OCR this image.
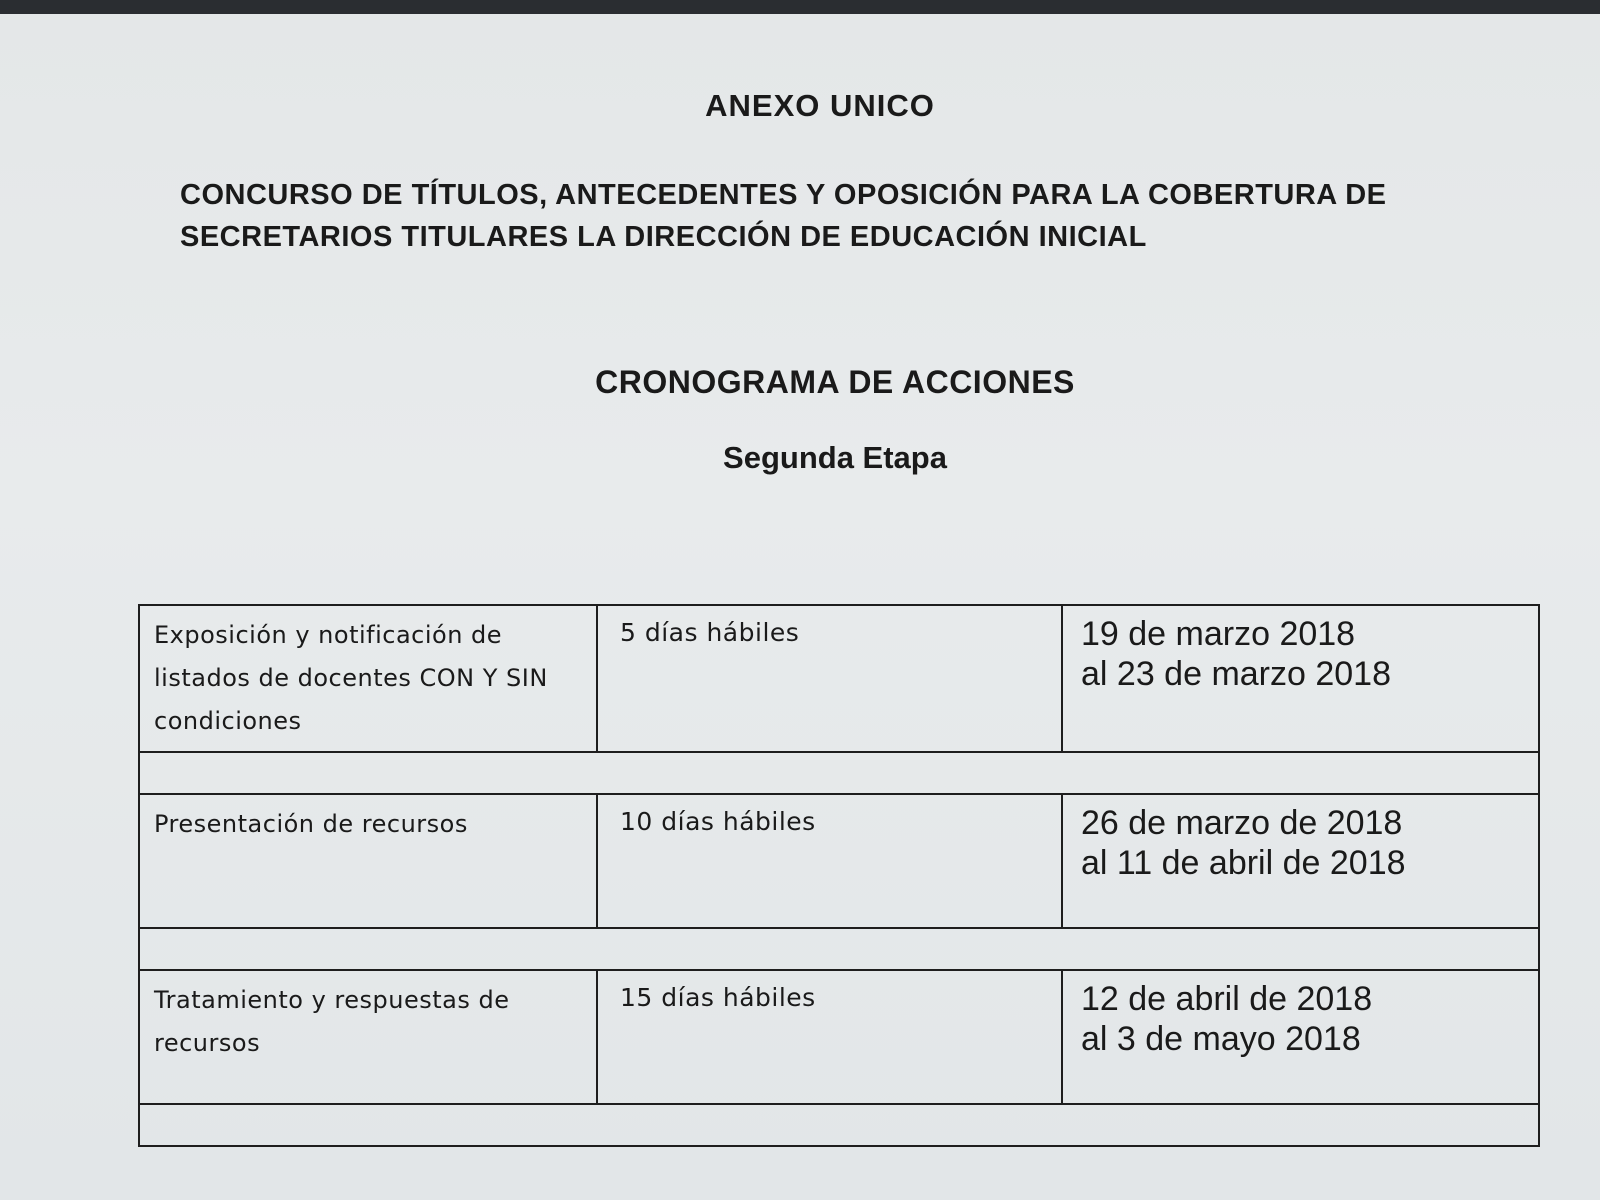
ANEXO UNICO
CONCURSO DE TÍTULOS, ANTECEDENTES Y OPOSICIÓN PARA LA COBERTURA DE SECRETARIOS TITULARES LA DIRECCIÓN DE EDUCACIÓN INICIAL
CRONOGRAMA DE ACCIONES
Segunda Etapa
Exposición y notificación de listados de docentes CON Y SIN condiciones	5 días hábiles	19 de marzo 2018
al 23 de marzo 2018

Presentación de recursos	10 días hábiles	26 de marzo de 2018
al 11 de abril de 2018

Tratamiento y respuestas de recursos	15 días hábiles	12 de abril de 2018
al 3 de mayo 2018
